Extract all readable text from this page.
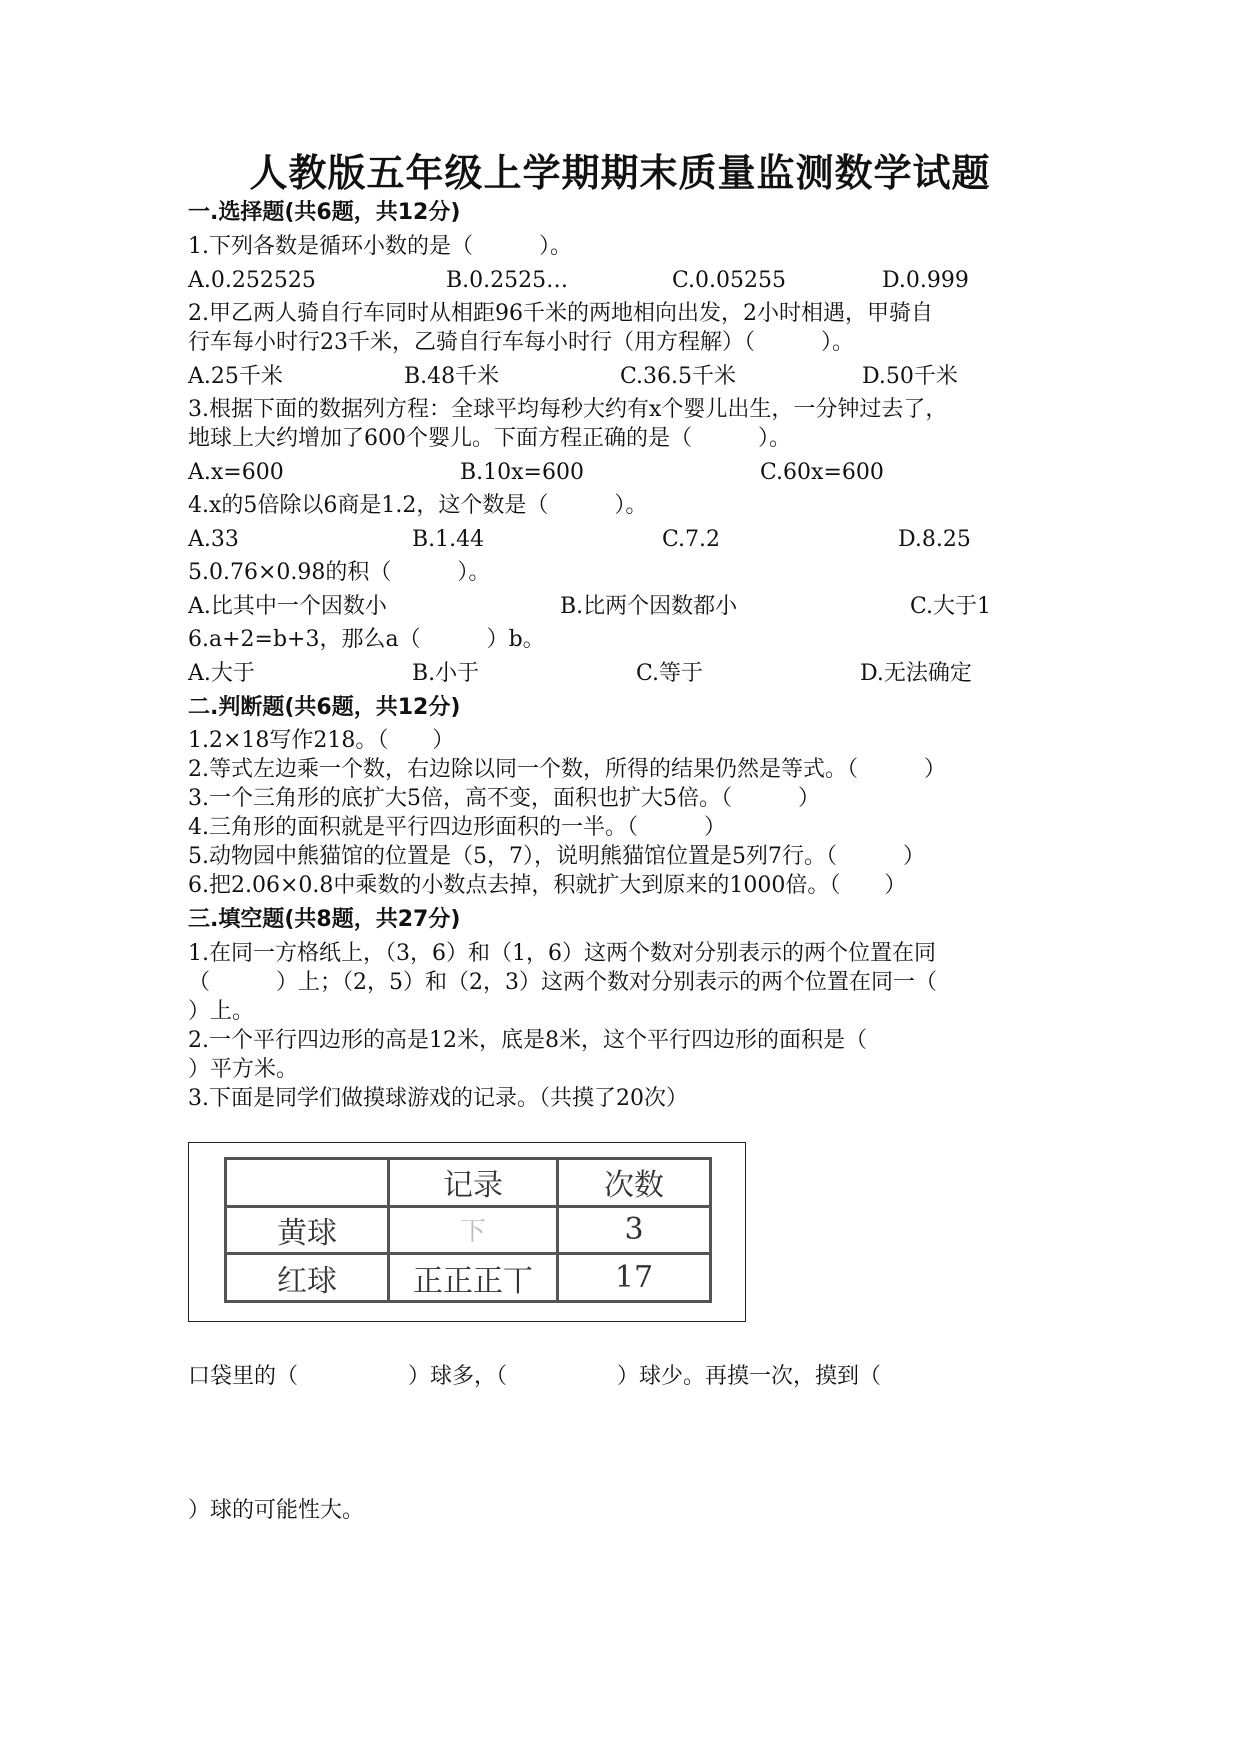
人教版五年级上学期期末质量监测数学试题
一.选择题(共6题，共12分)
1.下列各数是循环小数的是（　　　）。
A.0.252525	B.0.2525…	C.0.05255	D.0.999
2.甲乙两人骑自行车同时从相距96千米的两地相向出发，2小时相遇，甲骑自
行车每小时行23千米，乙骑自行车每小时行（用方程解）（　　　）。
A.25千米	B.48千米	C.36.5千米	D.50千米
3.根据下面的数据列方程：全球平均每秒大约有x个婴儿出生，一分钟过去了，
地球上大约增加了600个婴儿。下面方程正确的是（　　　）。
A.x=600	B.10x=600	C.60x=600
4.x的5倍除以6商是1.2，这个数是（　　　）。
A.33	B.1.44	C.7.2	D.8.25
5.0.76×0.98的积（　　　）。
A.比其中一个因数小	B.比两个因数都小	C.大于1
6.a+2=b+3，那么a（　　　）b。
A.大于	B.小于	C.等于	D.无法确定
二.判断题(共6题，共12分)
1.2×18写作218。（　　）
2.等式左边乘一个数，右边除以同一个数，所得的结果仍然是等式。（　　　）
3.一个三角形的底扩大5倍，高不变，面积也扩大5倍。（　　　）
4.三角形的面积就是平行四边形面积的一半。（　　　）
5.动物园中熊猫馆的位置是（5，7），说明熊猫馆位置是5列7行。（　　　）
6.把2.06×0.8中乘数的小数点去掉，积就扩大到原来的1000倍。（　　）
三.填空题(共8题，共27分)
1.在同一方格纸上，（3，6）和（1，6）这两个数对分别表示的两个位置在同
（　　　）上；（2，5）和（2，3）这两个数对分别表示的两个位置在同一（
）上。
2.一个平行四边形的高是12米，底是8米，这个平行四边形的面积是（
）平方米。
3.下面是同学们做摸球游戏的记录。（共摸了20次）
	记录	次数
黄球	下	3
红球	正正正丅	17
口袋里的（　　　　　）球多，（　　　　　）球少。再摸一次，摸到（
）球的可能性大。
